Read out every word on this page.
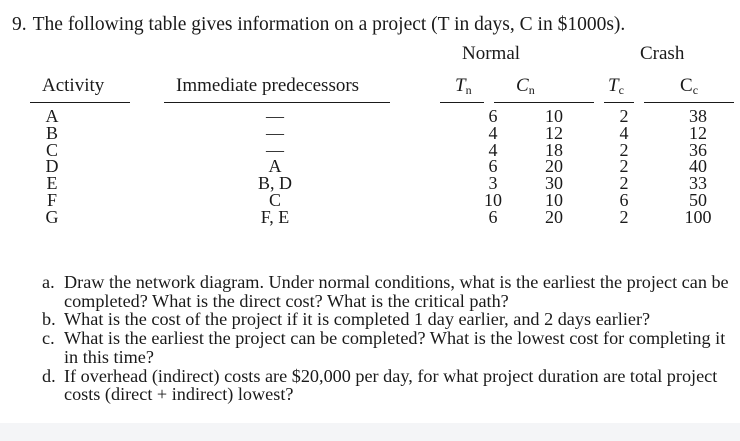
9. The following table gives information on a project (T in days, C in $1000s).
Normal	Crash
Activity	Immediate predecessors	$T_n$ $C_n$	$T_c$	$C_c$
A	—	6	10	2	38
B	—	4	12	4	12
C	—	4	18	2	36
D	A	6	20	2	40
E	B, D	3	30	2	33
F	C	10	10	6	50
G	F, E	6	20	2	100
a. Draw the network diagram. Under normal conditions, what is the earliest the project can be completed? What is the direct cost? What is the critical path?
b. What is the cost of the project if it is completed 1 day earlier, and 2 days earlier?
c. What is the earliest the project can be completed? What is the lowest cost for completing it in this time?
d. If overhead (indirect) costs are $20,000 per day, for what project duration are total project costs (direct + indirect) lowest?
